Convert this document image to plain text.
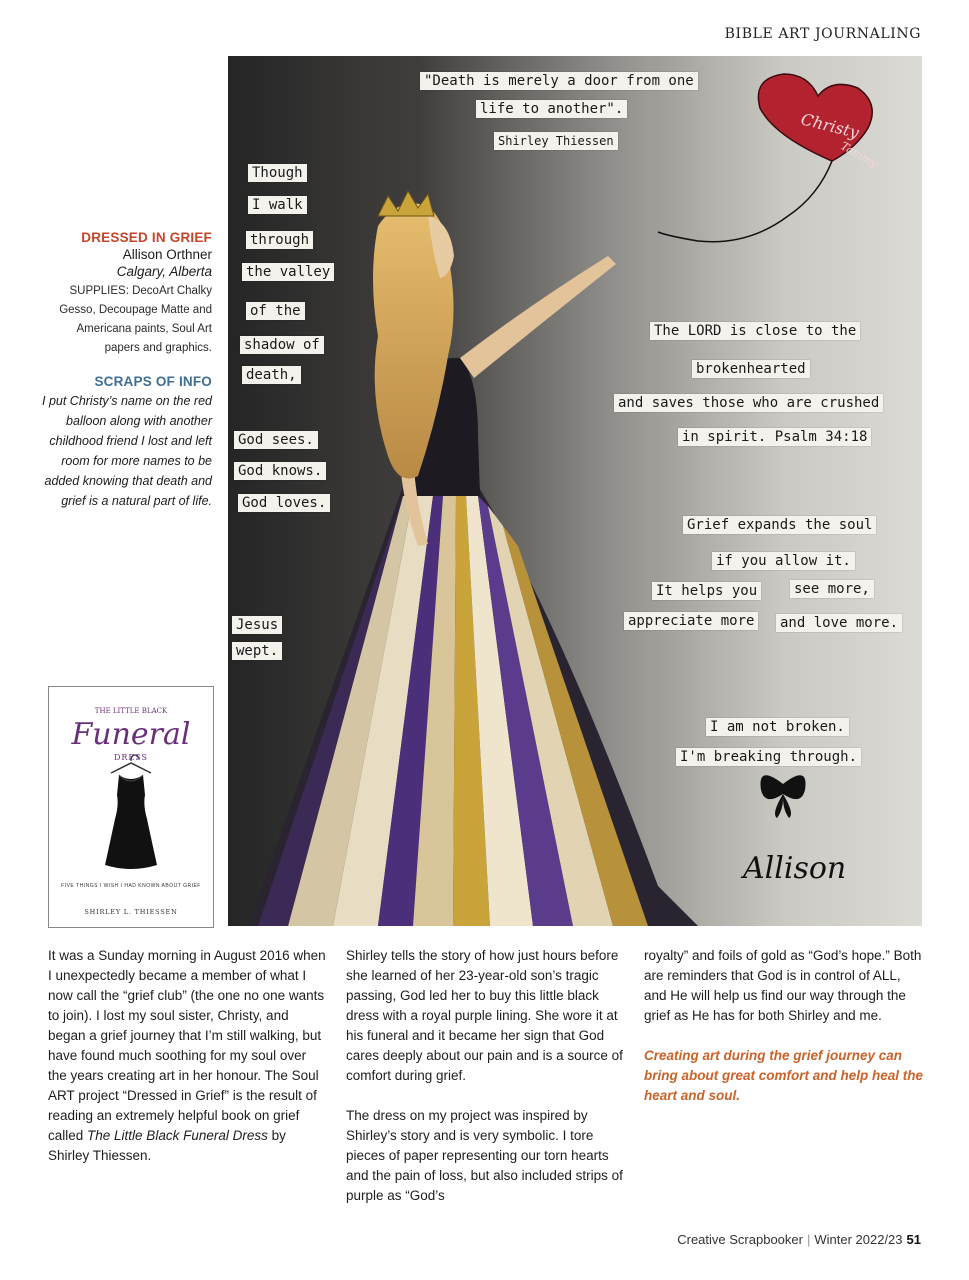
BIBLE ART JOURNALING
DRESSED IN GRIEF
Allison Orthner
Calgary, Alberta
SUPPLIES: DecoArt Chalky Gesso, Decoupage Matte and Americana paints, Soul Art papers and graphics.
SCRAPS OF INFO
I put Christy’s name on the red balloon along with another childhood friend I lost and left room for more names to be added knowing that death and grief is a natural part of life.
THE LITTLE BLACK
Funeral
DRESS
FIVE THINGS I WISH I HAD KNOWN ABOUT GRIEF
SHIRLEY L. THIESSEN
Christy
Tammy
"Death is merely a door from one
life to another".
Shirley Thiessen
Though
I walk
through
the valley
of the
shadow of
death,
God sees.
God knows.
God loves.
Jesus
wept.
The LORD is close to the
brokenhearted
and saves those who are crushed
in spirit. Psalm 34:18
Grief expands the soul
if you allow it.
It helps you	see more,
appreciate more and love more.
I am not broken.
I'm breaking through.
Allison

It was a Sunday morning in August 2016 when I unexpectedly became a member of what I now call the “grief club” (the one no one wants to join). I lost my soul sister, Christy, and began a grief journey that I’m still walking, but have found much soothing for my soul over the years creating art in her honour. The Soul ART project “Dressed in Grief” is the result of reading an extremely helpful book on grief called The Little Black Funeral Dress by Shirley Thiessen.

Shirley tells the story of how just hours before she learned of her 23-year-old son’s tragic passing, God led her to buy this little black dress with a royal purple lining. She wore it at his funeral and it became her sign that God cares deeply about our pain and is a source of comfort during grief.

The dress on my project was inspired by Shirley’s story and is very symbolic. I tore pieces of paper representing our torn hearts and the pain of loss, but also included strips of purple as “God’s

royalty” and foils of gold as “God’s hope.” Both are reminders that God is in control of ALL, and He will help us find our way through the grief as He has for both Shirley and me.

Creating art during the grief journey can bring about great comfort and help heal the heart and soul.

Creative Scrapbooker | Winter 2022/23 51
